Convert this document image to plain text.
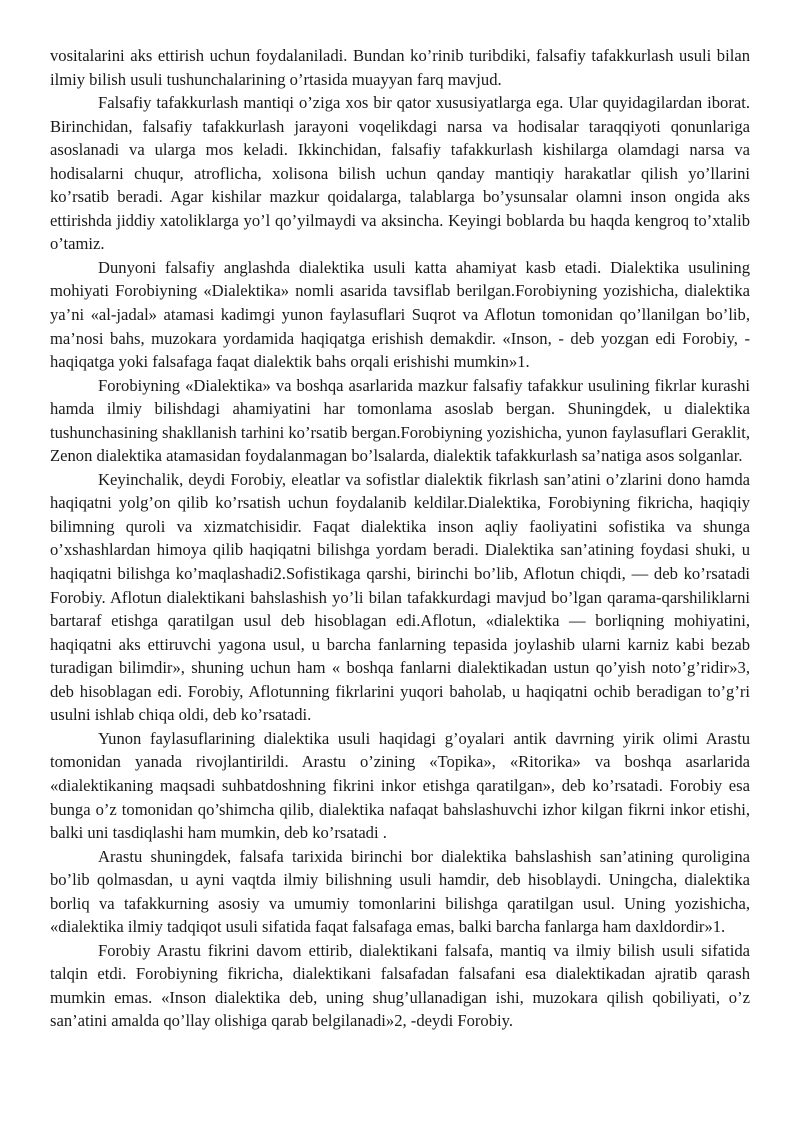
vositalarini aks ettirish uchun foydalaniladi. Bundan ko’rinib turibdiki, falsafiy tafakkurlash usuli bilan ilmiy bilish usuli tushunchalarining o’rtasida muayyan farq mavjud.

Falsafiy tafakkurlash mantiqi o’ziga xos bir qator xususiyatlarga ega. Ular quyidagilardan iborat. Birinchidan, falsafiy tafakkurlash jarayoni voqelikdagi narsa va hodisalar taraqqiyoti qonunlariga asoslanadi va ularga mos keladi. Ikkinchidan, falsafiy tafakkurlash kishilarga olamdagi narsa va hodisalarni chuqur, atroflicha, xolisona bilish uchun qanday mantiqiy harakatlar qilish yo’llarini ko’rsatib beradi. Agar kishilar mazkur qoidalarga, talablarga bo’ysunsalar olamni inson ongida aks ettirishda jiddiy xatoliklarga yo’l qo’yilmaydi va aksincha. Keyingi boblarda bu haqda kengroq to’xtalib o’tamiz.

Dunyoni falsafiy anglashda dialektika usuli katta ahamiyat kasb etadi. Dialektika usulining mohiyati Forobiyning «Dialektika» nomli asarida tavsiflab berilgan.Forobiyning yozishicha, dialektika ya’ni «al-jadal» atamasi kadimgi yunon faylasuflari Suqrot va Aflotun tomonidan qo’llanilgan bo’lib, ma’nosi bahs, muzokara yordamida haqiqatga erishish demakdir. «Inson, - deb yozgan edi Forobiy, - haqiqatga yoki falsafaga faqat dialektik bahs orqali erishishi mumkin»1.

Forobiyning «Dialektika» va boshqa asarlarida mazkur falsafiy tafakkur usulining fikrlar kurashi hamda ilmiy bilishdagi ahamiyatini har tomonlama asoslab bergan. Shuningdek, u dialektika tushunchasining shakllanish tarhini ko’rsatib bergan.Forobiyning yozishicha, yunon faylasuflari Geraklit, Zenon dialektika atamasidan foydalanmagan bo’lsalarda, dialektik tafakkurlash sa’natiga asos solganlar.

Keyinchalik, deydi Forobiy, eleatlar va sofistlar dialektik fikrlash san’atini o’zlarini dono hamda haqiqatni yolg’on qilib ko’rsatish uchun foydalanib keldilar.Dialektika, Forobiyning fikricha, haqiqiy bilimning quroli va xizmatchisidir. Faqat dialektika inson aqliy faoliyatini sofistika va shunga o’xshashlardan himoya qilib haqiqatni bilishga yordam beradi. Dialektika san’atining foydasi shuki, u haqiqatni bilishga ko’maqlashadi2.Sofistikaga qarshi, birinchi bo’lib, Aflotun chiqdi, — deb ko’rsatadi Forobiy. Aflotun dialektikani bahslashish yo’li bilan tafakkurdagi mavjud bo’lgan qarama-qarshiliklarni bartaraf etishga qaratilgan usul deb hisoblagan edi.Aflotun, «dialektika — borliqning mohiyatini, haqiqatni aks ettiruvchi yagona usul, u barcha fanlarning tepasida joylashib ularni karniz kabi bezab turadigan bilimdir», shuning uchun ham « boshqa fanlarni dialektikadan ustun qo’yish noto’g’ridir»3, deb hisoblagan edi. Forobiy, Aflotunning fikrlarini yuqori baholab, u haqiqatni ochib beradigan to’g’ri usulni ishlab chiqa oldi, deb ko’rsatadi.

Yunon faylasuflarining dialektika usuli haqidagi g’oyalari antik davrning yirik olimi Arastu tomonidan yanada rivojlantirildi. Arastu o’zining «Topika», «Ritorika» va boshqa asarlarida «dialektikaning maqsadi suhbatdoshning fikrini inkor etishga qaratilgan», deb ko’rsatadi. Forobiy esa bunga o’z tomonidan qo’shimcha qilib, dialektika nafaqat bahslashuvchi izhor kilgan fikrni inkor etishi, balki uni tasdiqlashi ham mumkin, deb ko’rsatadi .

Arastu shuningdek, falsafa tarixida birinchi bor dialektika bahslashish san’atining quroligina bo’lib qolmasdan, u ayni vaqtda ilmiy bilishning usuli hamdir, deb hisoblaydi. Uningcha, dialektika borliq va tafakkurning asosiy va umumiy tomonlarini bilishga qaratilgan usul. Uning yozishicha, «dialektika ilmiy tadqiqot usuli sifatida faqat falsafaga emas, balki barcha fanlarga ham daxldordir»1.

Forobiy Arastu fikrini davom ettirib, dialektikani falsafa, mantiq va ilmiy bilish usuli sifatida talqin etdi. Forobiyning fikricha, dialektikani falsafadan falsafani esa dialektikadan ajratib qarash mumkin emas. «Inson dialektika deb, uning shug’ullanadigan ishi, muzokara qilish qobiliyati, o’z san’atini amalda qo’llay olishiga qarab belgilanadi»2, -deydi Forobiy.
